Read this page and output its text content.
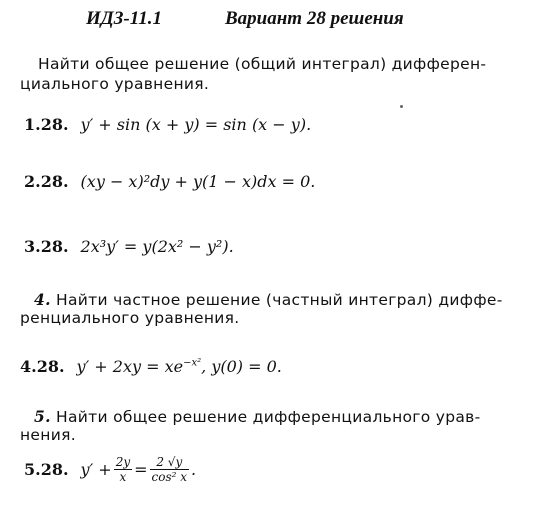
ИДЗ-11.1	Вариант 28 решения
Найти общее решение (общий интеграл) дифферен-
циального уравнения.
1.28. y′ + sin (x + y) = sin (x − y).
2.28. (xy − x)²dy + y(1 − x)dx = 0.
3.28. 2x³y′ = y(2x² − y²).
4. Найти частное решение (частный интеграл) диффе-
ренциального уравнения.
4.28. $y' + 2xy = xe^{-x^2}$, y(0) = 0.
5. Найти общее решение дифференциального урав-
нения.
5.28. $y' + \frac{2y}{x} = \frac{2 √y}{\text{cos² x}}$ .
